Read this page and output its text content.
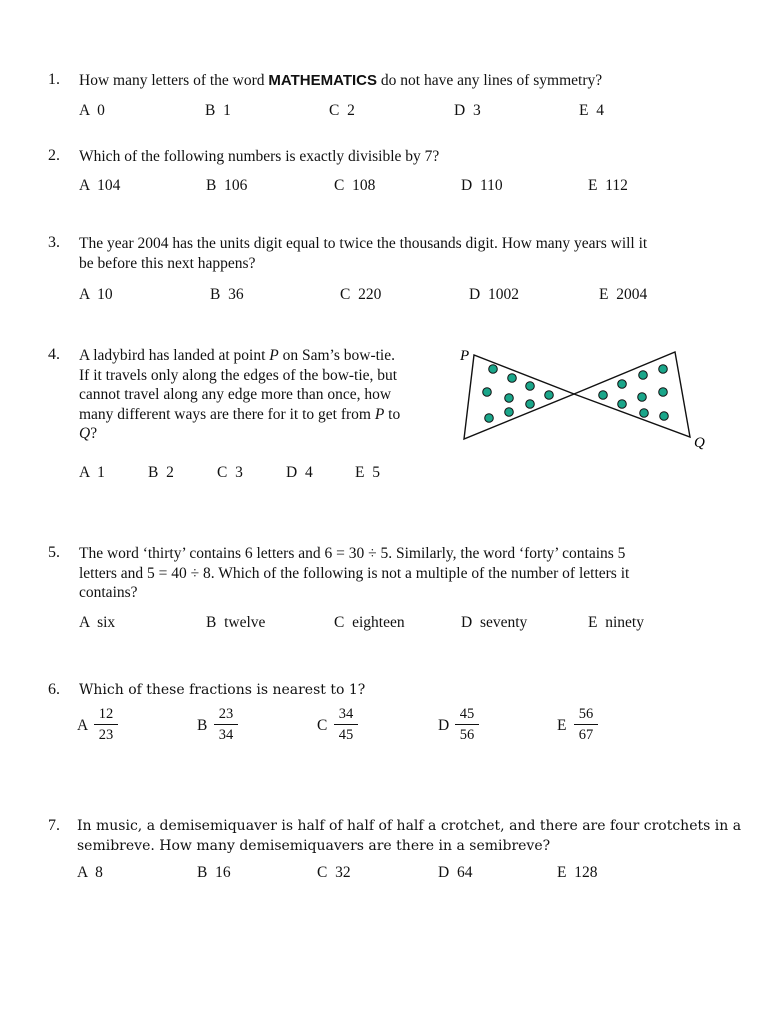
1. How many letters of the word MATHEMATICS do not have any lines of symmetry?
A  0	B  1	C  2	D  3	E  4
2. Which of the following numbers is exactly divisible by 7?
A  104	B  106	C  108	D  110	E  112
3. The year 2004 has the units digit equal to twice the thousands digit. How many years will it
be before this next happens?
A  10	B  36	C  220	D  1002	E  2004
4. A ladybird has landed at point P on Sam’s bow-tie.
If it travels only along the edges of the bow-tie, but
cannot travel along any edge more than once, how
many different ways are there for it to get from P to
Q?
A  1	B  2	C  3	D  4	E  5
P
Q
5. The word ‘thirty’ contains 6 letters and 6 = 30 ÷ 5. Similarly, the word ‘forty’ contains 5
letters and 5 = 40 ÷ 8. Which of the following is not a multiple of the number of letters it
contains?
A  six	B  twelve	C  eighteen	D  seventy	E  ninety
6. Which of these fractions is nearest to 1?
A
12
23
B
23
34
C
34
45
D
45
56
E
56
67
7. In music, a demisemiquaver is half of half of half a crotchet, and there are four crotchets in a
semibreve. How many demisemiquavers are there in a semibreve?
A  8	B  16	C  32	D  64	E  128
